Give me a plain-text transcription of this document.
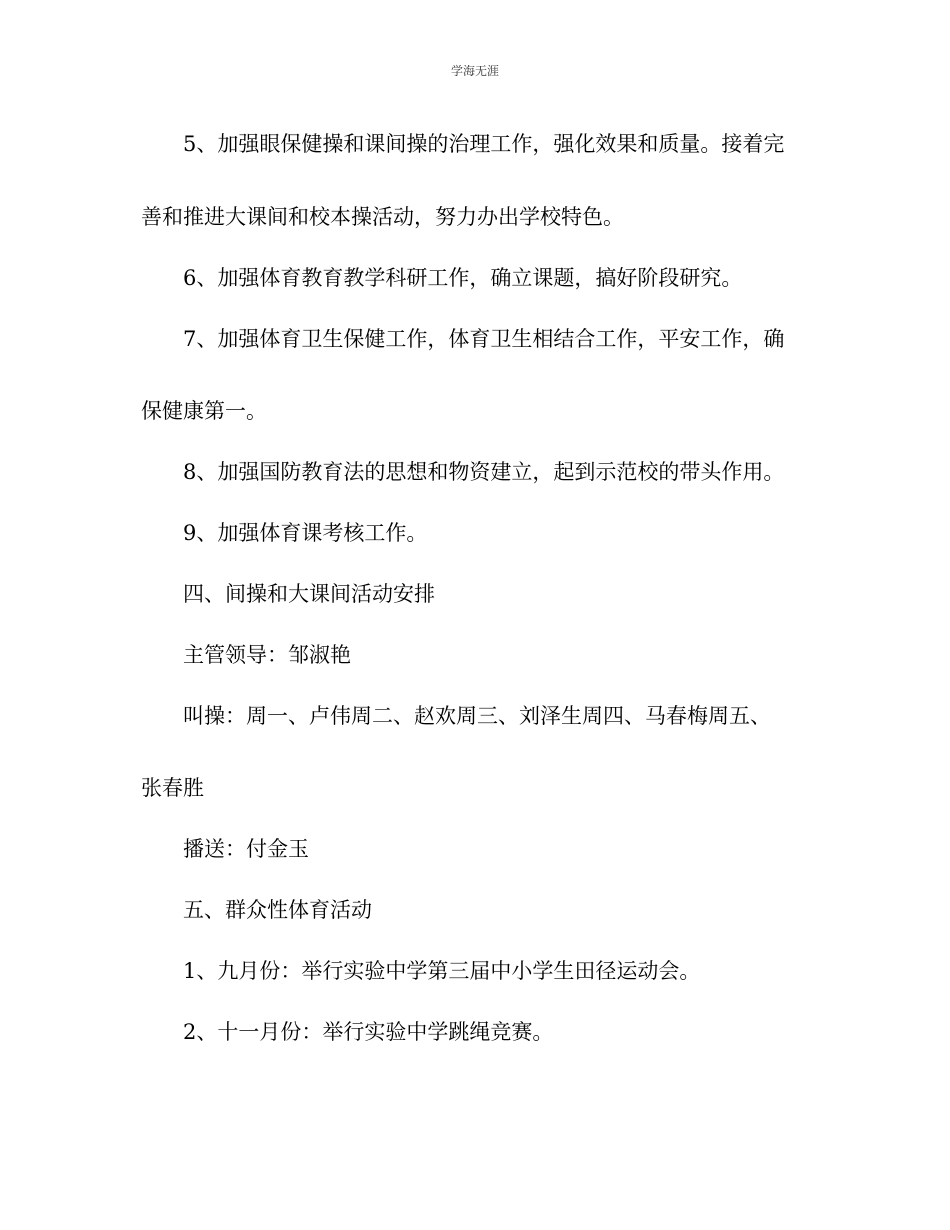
学海无涯
5、加强眼保健操和课间操的治理工作，强化效果和质量。接着完
善和推进大课间和校本操活动，努力办出学校特色。
6、加强体育教育教学科研工作，确立课题，搞好阶段研究。
7、加强体育卫生保健工作，体育卫生相结合工作，平安工作，确
保健康第一。
8、加强国防教育法的思想和物资建立，起到示范校的带头作用。
9、加强体育课考核工作。
四、间操和大课间活动安排
主管领导：邹淑艳
叫操：周一、卢伟周二、赵欢周三、刘泽生周四、马春梅周五、
张春胜
播送：付金玉
五、群众性体育活动
1、九月份：举行实验中学第三届中小学生田径运动会。
2、十一月份：举行实验中学跳绳竞赛。
